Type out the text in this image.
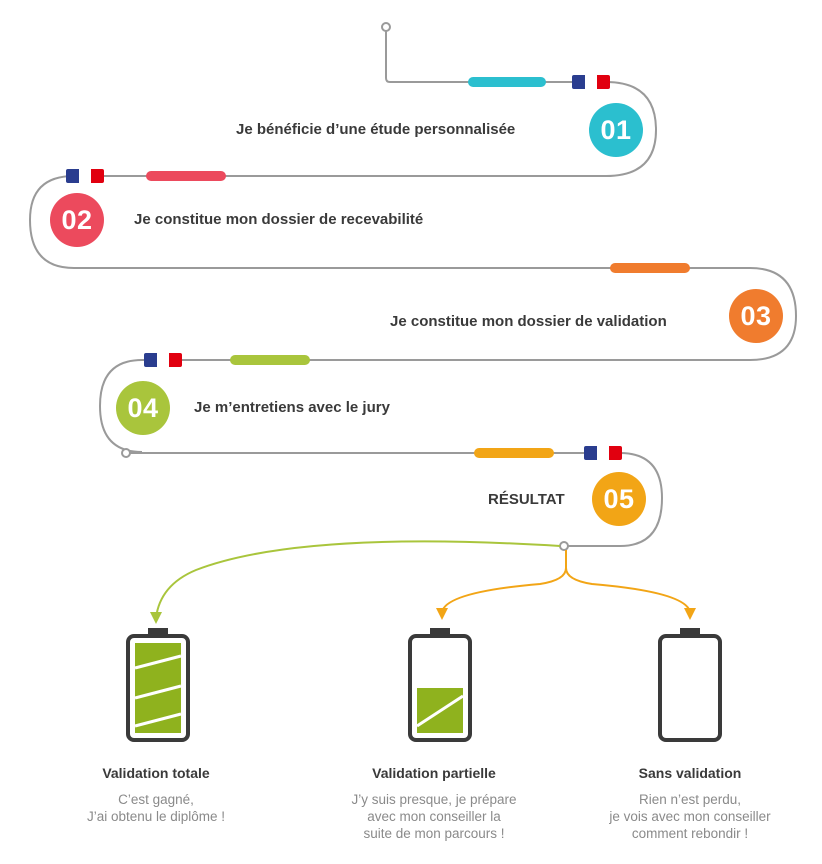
01
02
03
04
05
Je bénéficie d’une étude personnalisée
Je constitue mon dossier de recevabilité
Je constitue mon dossier de validation
Je m’entretiens avec le jury
RÉSULTAT
Validation totale
C’est gagné,
J’ai obtenu le diplôme !
Validation partielle
J’y suis presque, je prépare
avec mon conseiller la
suite de mon parcours !
Sans validation
Rien n’est perdu,
je vois avec mon conseiller
comment rebondir !
